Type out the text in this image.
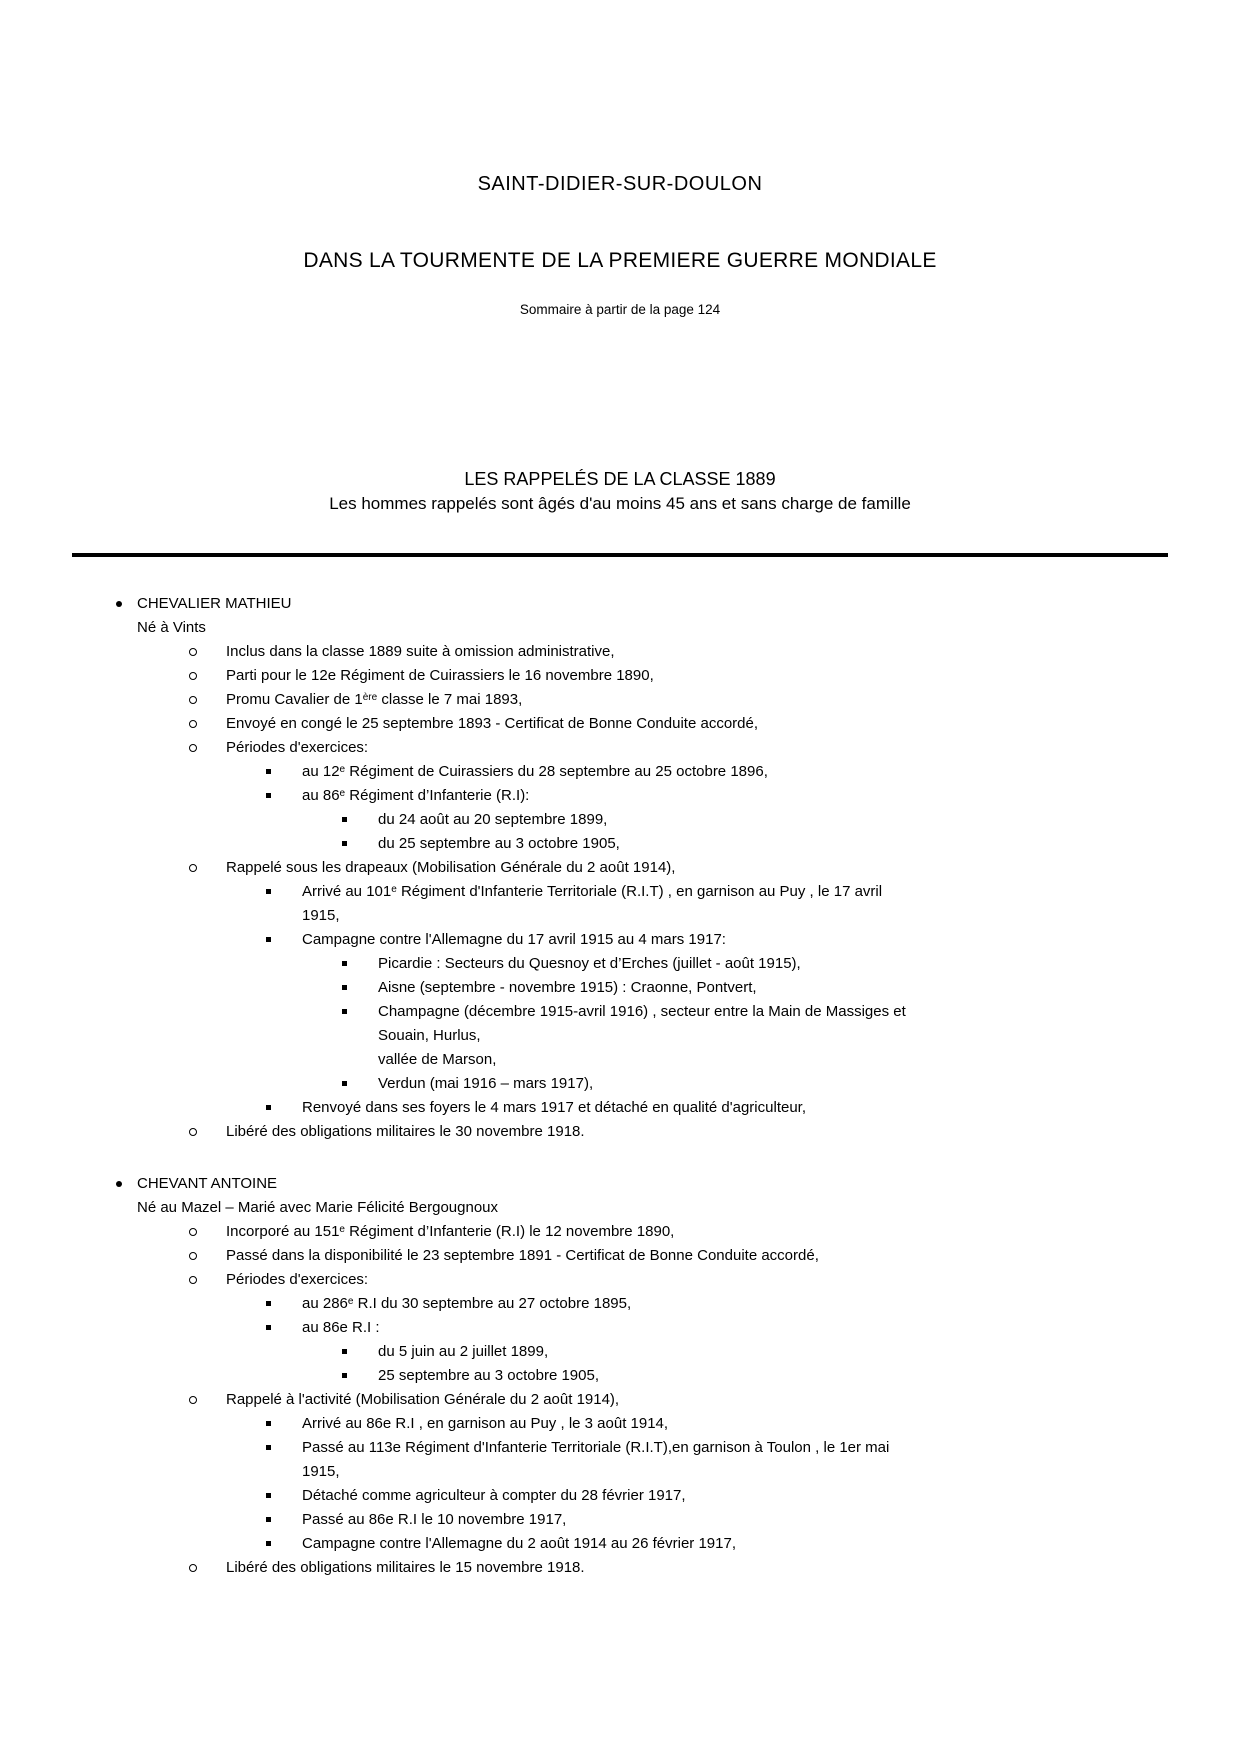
SAINT-DIDIER-SUR-DOULON
DANS LA TOURMENTE DE LA PREMIERE GUERRE MONDIALE

Sommaire à partir de la page 124

LES RAPPELÉS DE LA CLASSE 1889
Les hommes rappelés sont âgés d'au moins 45 ans et sans charge de famille
CHEVALIER MATHIEU
Né à Vints
Inclus dans la classe 1889 suite à omission administrative,
Parti pour le 12e Régiment de Cuirassiers le 16 novembre 1890,
Promu Cavalier de 1ère classe le 7 mai 1893,
Envoyé en congé le 25 septembre 1893 - Certificat de Bonne Conduite accordé,
Périodes d'exercices:
au 12e Régiment de Cuirassiers du 28 septembre au 25 octobre 1896,
au 86e Régiment d’Infanterie (R.I):
du 24 août au 20 septembre 1899,
du 25 septembre au 3 octobre 1905,
Rappelé sous les drapeaux (Mobilisation Générale du 2 août 1914),
Arrivé au 101e Régiment d'Infanterie Territoriale (R.I.T) , en garnison au Puy , le 17 avril
1915,
Campagne contre l'Allemagne du 17 avril 1915 au 4 mars 1917:
Picardie : Secteurs du Quesnoy et d’Erches (juillet - août 1915),
Aisne (septembre - novembre 1915) : Craonne, Pontvert,
Champagne (décembre 1915-avril 1916) , secteur entre la Main de Massiges et
Souain, Hurlus,
vallée de Marson,
Verdun (mai 1916 – mars 1917),
Renvoyé dans ses foyers le 4 mars 1917 et détaché en qualité d'agriculteur,
Libéré des obligations militaires le 30 novembre 1918.
CHEVANT ANTOINE
Né au Mazel – Marié avec Marie Félicité Bergougnoux
Incorporé au 151e Régiment d’Infanterie (R.I) le 12 novembre 1890,
Passé dans la disponibilité le 23 septembre 1891 - Certificat de Bonne Conduite accordé,
Périodes d'exercices:
au 286e R.I du 30 septembre au 27 octobre 1895,
au 86e R.I :
du 5 juin au 2 juillet 1899,
25 septembre au 3 octobre 1905,
Rappelé à l'activité (Mobilisation Générale du 2 août 1914),
Arrivé au 86e R.I , en garnison au Puy , le 3 août 1914,
Passé au 113e Régiment d'Infanterie Territoriale (R.I.T),en garnison à Toulon , le 1er mai
1915,
Détaché comme agriculteur à compter du 28 février 1917,
Passé au 86e R.I le 10 novembre 1917,
Campagne contre l'Allemagne du 2 août 1914 au 26 février 1917,
Libéré des obligations militaires le 15 novembre 1918.
